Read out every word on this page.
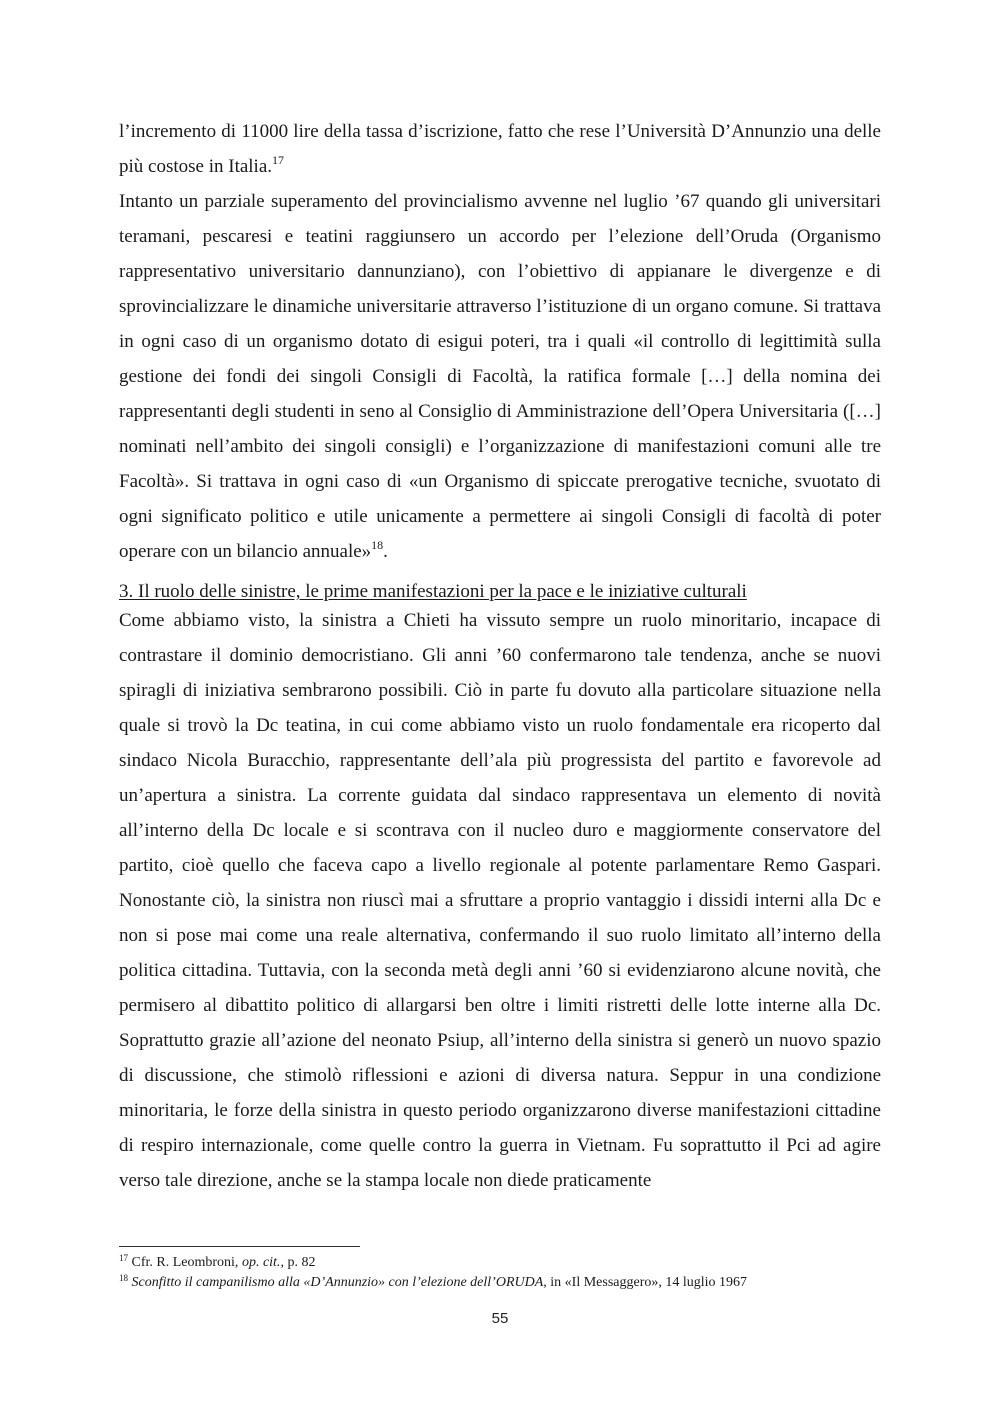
l’incremento di 11000 lire della tassa d’iscrizione, fatto che rese l’Università D’Annunzio una delle più costose in Italia.$^{17}$

Intanto un parziale superamento del provincialismo avvenne nel luglio ’67 quando gli universitari teramani, pescaresi e teatini raggiunsero un accordo per l’elezione dell’Oruda (Organismo rappresentativo universitario dannunziano), con l’obiettivo di appianare le divergenze e di sprovincializzare le dinamiche universitarie attraverso l’istituzione di un organo comune. Si trattava in ogni caso di un organismo dotato di esigui poteri, tra i quali «il controllo di legittimità sulla gestione dei fondi dei singoli Consigli di Facoltà, la ratifica formale […] della nomina dei rappresentanti degli studenti in seno al Consiglio di Amministrazione dell’Opera Universitaria ([…] nominati nell’ambito dei singoli consigli) e l’organizzazione di manifestazioni comuni alle tre Facoltà». Si trattava in ogni caso di «un Organismo di spiccate prerogative tecniche, svuotato di ogni significato politico e utile unicamente a permettere ai singoli Consigli di facoltà di poter operare con un bilancio annuale»$^{18}$.

3. Il ruolo delle sinistre, le prime manifestazioni per la pace e le iniziative culturali

Come abbiamo visto, la sinistra a Chieti ha vissuto sempre un ruolo minoritario, incapace di contrastare il dominio democristiano. Gli anni ’60 confermarono tale tendenza, anche se nuovi spiragli di iniziativa sembrarono possibili. Ciò in parte fu dovuto alla particolare situazione nella quale si trovò la Dc teatina, in cui come abbiamo visto un ruolo fondamentale era ricoperto dal sindaco Nicola Buracchio, rappresentante dell’ala più progressista del partito e favorevole ad un’apertura a sinistra. La corrente guidata dal sindaco rappresentava un elemento di novità all’interno della Dc locale e si scontrava con il nucleo duro e maggiormente conservatore del partito, cioè quello che faceva capo a livello regionale al potente parlamentare Remo Gaspari. Nonostante ciò, la sinistra non riuscì mai a sfruttare a proprio vantaggio i dissidi interni alla Dc e non si pose mai come una reale alternativa, confermando il suo ruolo limitato all’interno della politica cittadina. Tuttavia, con la seconda metà degli anni ’60 si evidenziarono alcune novità, che permisero al dibattito politico di allargarsi ben oltre i limiti ristretti delle lotte interne alla Dc. Soprattutto grazie all’azione del neonato Psiup, all’interno della sinistra si generò un nuovo spazio di discussione, che stimolò riflessioni e azioni di diversa natura. Seppur in una condizione minoritaria, le forze della sinistra in questo periodo organizzarono diverse manifestazioni cittadine di respiro internazionale, come quelle contro la guerra in Vietnam. Fu soprattutto il Pci ad agire verso tale direzione, anche se la stampa locale non diede praticamente

$^{17}$ Cfr. R. Leombroni, op. cit., p. 82

$^{18}$ Sconfitto il campanilismo alla «D’Annunzio» con l’elezione dell’ORUDA, in «Il Messaggero», 14 luglio 1967

55
